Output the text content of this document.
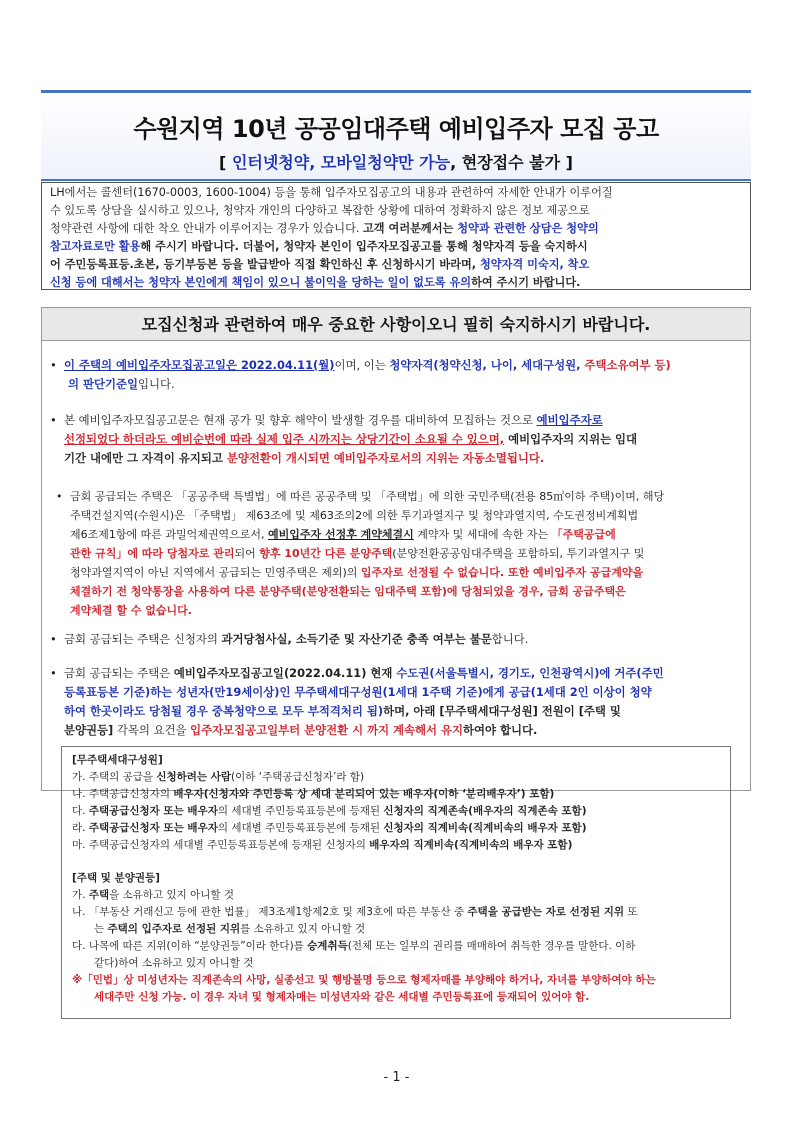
수원지역 10년 공공임대주택 예비입주자 모집 공고
[ 인터넷청약, 모바일청약만 가능, 현장접수 불가 ]
LH에서는 콜센터(1670-0003, 1600-1004) 등을 통해 입주자모집공고의 내용과 관련하여 자세한 안내가 이루어질
수 있도록 상담을 실시하고 있으나, 청약자 개인의 다양하고 복잡한 상황에 대하여 정확하지 않은 정보 제공으로
청약관련 사항에 대한 착오 안내가 이루어지는 경우가 있습니다. 고객 여러분께서는 청약과 관련한 상담은 청약의
참고자료로만 활용해 주시기 바랍니다. 더불어, 청약자 본인이 입주자모집공고를 통해 청약자격 등을 숙지하시
어 주민등록표등.초본, 등기부등본 등을 발급받아 직접 확인하신 후 신청하시기 바라며, 청약자격 미숙지, 착오
신청 등에 대해서는 청약자 본인에게 책임이 있으니 불이익을 당하는 일이 없도록 유의하여 주시기 바랍니다.
모집신청과 관련하여 매우 중요한 사항이오니 필히 숙지하시기 바랍니다.
• 이 주택의 예비입주자모집공고일은 2022.04.11(월)이며, 이는 청약자격(청약신청, 나이, 세대구성원, 주택소유여부 등)
의 판단기준일입니다.
• 본 예비입주자모집공고문은 현재 공가 및 향후 해약이 발생할 경우를 대비하여 모집하는 것으로 예비입주자로
선정되었다 하더라도 예비순번에 따라 실제 입주 시까지는 상당기간이 소요될 수 있으며, 예비입주자의 지위는 임대
기간 내에만 그 자격이 유지되고 분양전환이 개시되면 예비입주자로서의 지위는 자동소멸됩니다.
• 금회 공급되는 주택은 「공공주택 특별법」에 따른 공공주택 및 「주택법」에 의한 국민주택(전용 85㎡이하 주택)이며, 해당
주택건설지역(수원시)은 「주택법」 제63조에 및 제63조의2에 의한 투기과열지구 및 청약과열지역, 수도권정비계획법
제6조제1항에 따른 과밀억제권역으로서, 예비입주자 선정후 계약체결시 계약자 및 세대에 속한 자는 「주택공급에
관한 규칙」에 따라 당첨자로 관리되어 향후 10년간 다른 분양주택(분양전환공공임대주택을 포함하되, 투기과열지구 및
청약과열지역이 아닌 지역에서 공급되는 민영주택은 제외)의 입주자로 선정될 수 없습니다. 또한 예비입주자 공급계약을
체결하기 전 청약통장을 사용하여 다른 분양주택(분양전환되는 임대주택 포함)에 당첨되었을 경우, 금회 공급주택은
계약체결 할 수 없습니다.
• 금회 공급되는 주택은 신청자의 과거당첨사실, 소득기준 및 자산기준 충족 여부는 불문합니다.
• 금회 공급되는 주택은 예비입주자모집공고일(2022.04.11) 현재 수도권(서울특별시, 경기도, 인천광역시)에 거주(주민
등록표등본 기준)하는 성년자(만19세이상)인 무주택세대구성원(1세대 1주택 기준)에게 공급(1세대 2인 이상이 청약
하여 한곳이라도 당첨될 경우 중복청약으로 모두 부적격처리 됨)하며, 아래 [무주택세대구성원] 전원이 [주택 및
분양권등] 각목의 요건을 입주자모집공고일부터 분양전환 시 까지 계속해서 유지하여야 합니다.
[무주택세대구성원]
가. 주택의 공급을 신청하려는 사람(이하 ‘주택공급신청자’라 함)
나. 주택공급신청자의 배우자(신청자와 주민등록 상 세대 분리되어 있는 배우자(이하 ‘분리배우자’) 포함)
다. 주택공급신청자 또는 배우자의 세대별 주민등록표등본에 등재된 신청자의 직계존속(배우자의 직계존속 포함)
라. 주택공급신청자 또는 배우자의 세대별 주민등록표등본에 등재된 신청자의 직계비속(직계비속의 배우자 포함)
마. 주택공급신청자의 세대별 주민등록표등본에 등재된 신청자의 배우자의 직계비속(직계비속의 배우자 포함)
[주택 및 분양권등]
가. 주택을 소유하고 있지 아니할 것
나. 「부동산 거래신고 등에 관한 법률」 제3조제1항제2호 및 제3호에 따른 부동산 중 주택을 공급받는 자로 선정된 지위 또
는 주택의 입주자로 선정된 지위를 소유하고 있지 아니할 것
다. 나목에 따른 지위(이하 “분양권등”이라 한다)를 승계취득(전체 또는 일부의 권리를 매매하여 취득한 경우를 말한다. 이하
같다)하여 소유하고 있지 아니할 것
※「민법」상 미성년자는 직계존속의 사망, 실종선고 및 행방불명 등으로 형제자매를 부양해야 하거나, 자녀를 부양하여야 하는
세대주만 신청 가능. 이 경우 자녀 및 형제자매는 미성년자와 같은 세대별 주민등록표에 등재되어 있어야 함.
- 1 -
